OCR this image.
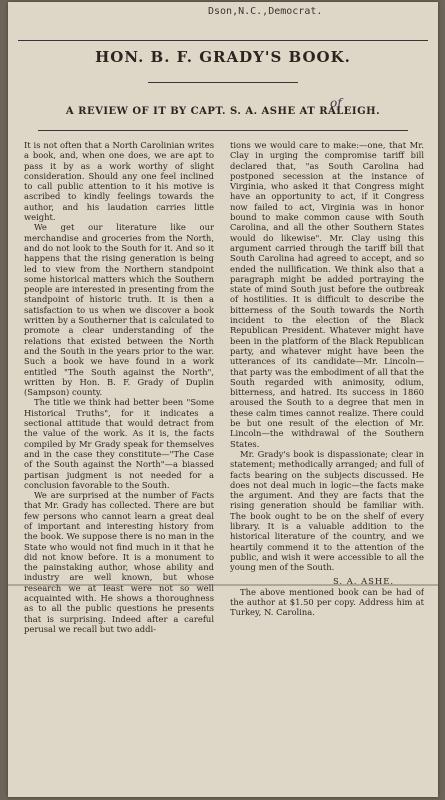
Dson,N.C.,Democrat.
HON. B. F. GRADY'S BOOK.
of
A REVIEW OF IT BY CAPT. S. A. ASHE AT RALEIGH.

It is not often that a North Carolinian writes a book, and, when one does, we are apt to pass it by as a work worthy of slight consideration. Should any one feel inclined to call public attention to it his motive is ascribed to kindly feelings towards the author, and his laudation carries little weight.

We get our literature like our merchandise and groceries from the North, and do not look to the South for it. And so it happens that the rising generation is being led to view from the Northern standpoint some historical matters which the Southern people are interested in presenting from the standpoint of historic truth. It is then a satisfaction to us when we discover a book written by a Southerner that is calculated to promote a clear understanding of the relations that existed between the North and the South in the years prior to the war. Such a book we have found in a work entitled "The South against the North", written by Hon. B. F. Grady of Duplin (Sampson) county.

The title we think had better been "Some Historical Truths", for it indicates a sectional attitude that would detract from the value of the work. As it is, the facts compiled by Mr Grady speak for themselves and in the case they constitute—"The Case of the South against the North"—a biassed partisan judgment is not needed for a conclusion favorable to the South.

We are surprised at the number of Facts that Mr. Grady has collected. There are but few persons who cannot learn a great deal of important and interesting history from the book. We suppose there is no man in the State who would not find much in it that he did not know before. It is a monument to the painstaking author, whose ability and industry are well known, but whose research we at least were not so well acquainted with. He shows a thoroughness as to all the public questions he presents that is surprising. Indeed after a careful perusal we recall but two addi-

tions we would care to make:—one, that Mr. Clay in urging the compromise tariff bill declared that, "as South Carolina had postponed secession at the instance of Virginia, who asked it that Congress might have an opportunity to act, if it Congress now failed to act, Virginia was in honor bound to make common cause with South Carolina, and all the other Southern States would do likewise". Mr. Clay using this argument carried through the tariff bill that South Carolina had agreed to accept, and so ended the nullification. We think also that a paragraph might be added portraying the state of mind South just before the outbreak of hostilities. It is difficult to describe the bitterness of the South towards the North incident to the election of the Black Republican President. Whatever might have been in the platform of the Black Republican party, and whatever might have been the utterances of its candidate—Mr. Lincoln—that party was the embodiment of all that the South regarded with animosity, odium, bitterness, and hatred. Its success in 1860 aroused the South to a degree that men in these calm times cannot realize. There could be but one result of the election of Mr. Lincoln—the withdrawal of the Southern States.

Mr. Grady's book is dispassionate; clear in statement; methodically arranged; and full of facts bearing on the subjects discussed. He does not deal much in logic—the facts make the argument. And they are facts that the rising generation should be familiar with. The book ought to be on the shelf of every library. It is a valuable addition to the historical literature of the country, and we heartily commend it to the attention of the public, and wish it were accessible to all the young men of the South.

S. A. ASHE.

The above mentioned book can be had of the author at $1.50 per copy. Address him at Turkey, N. Carolina.
